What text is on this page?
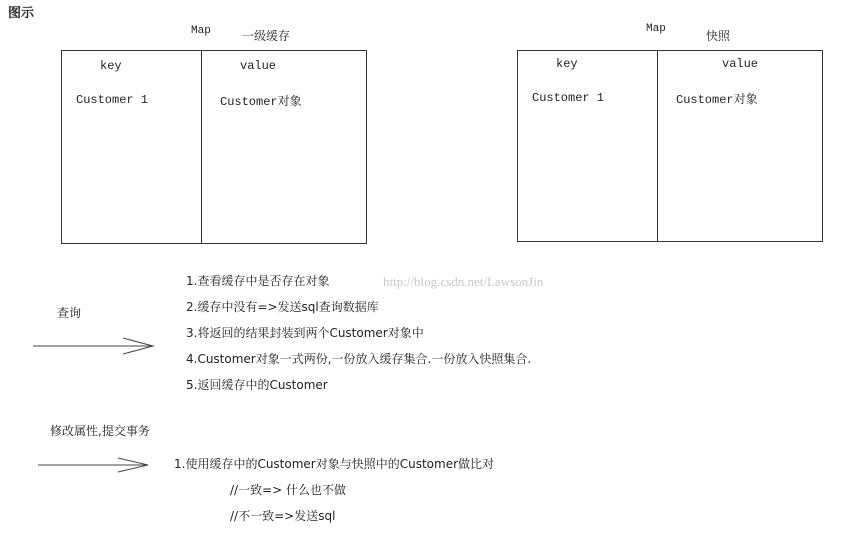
图示
Map	一级缓存
key	value
Customer 1	Customer对象
Map	快照
key	value
Customer 1	Customer对象
查询
1.查看缓存中是否存在对象
2.缓存中没有=>发送sql查询数据库
3.将返回的结果封装到两个Customer对象中
4.Customer对象一式两份,一份放入缓存集合.一份放入快照集合.
5.返回缓存中的Customer
http://blog.csdn.net/LawsonJin
修改属性,提交事务
1.使用缓存中的Customer对象与快照中的Customer做比对
//一致=> 什么也不做
//不一致=>发送sql
